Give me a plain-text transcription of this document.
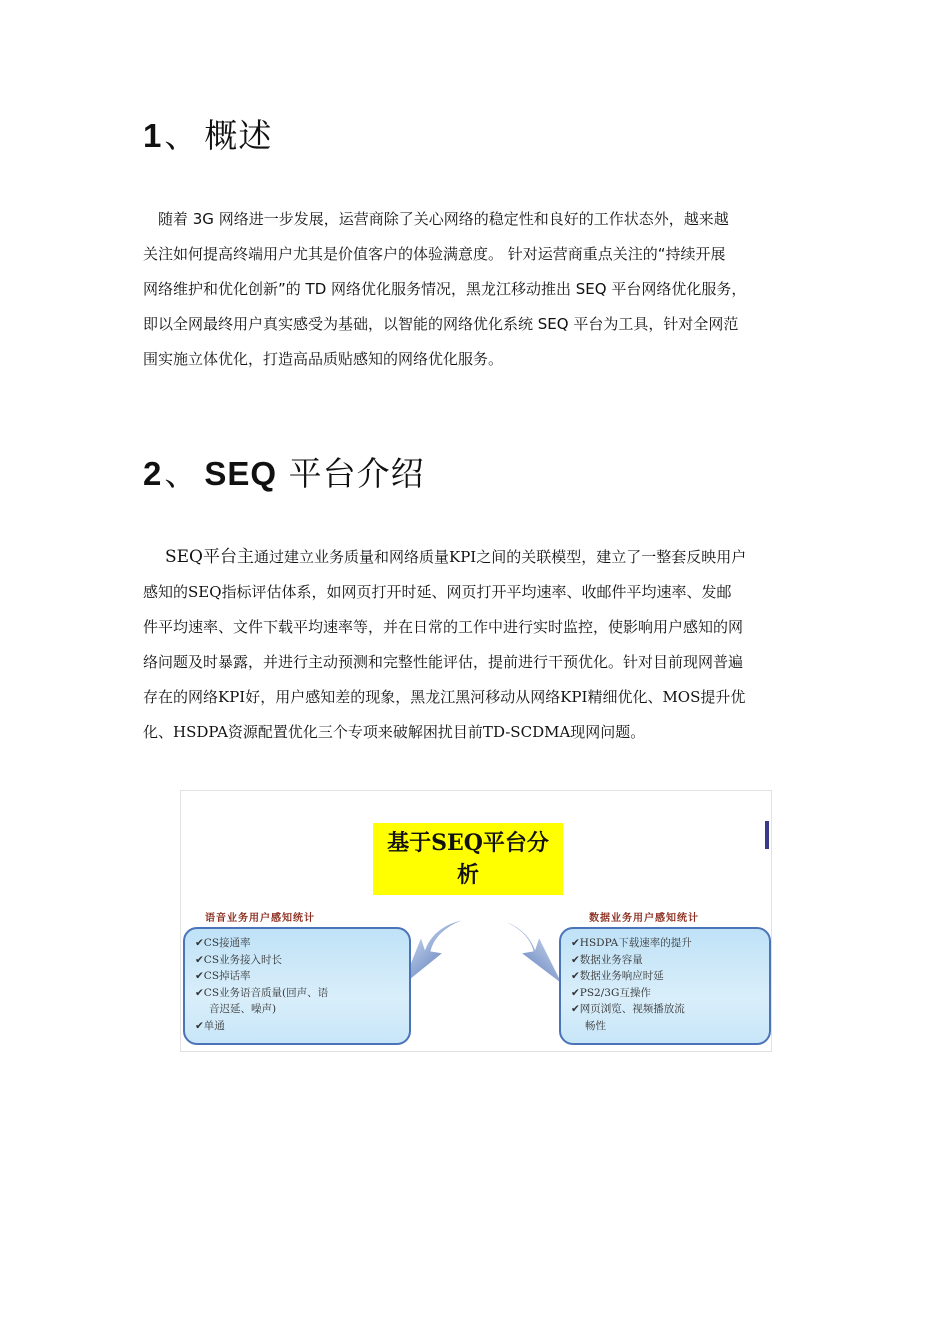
1、 概述
　随着 3G 网络进一步发展，运营商除了关心网络的稳定性和良好的工作状态外，越来越
关注如何提高终端用户尤其是价值客户的体验满意度。 针对运营商重点关注的“持续开展
网络维护和优化创新”的 TD 网络优化服务情况，黑龙江移动推出 SEQ 平台网络优化服务，
即以全网最终用户真实感受为基础，以智能的网络优化系统 SEQ 平台为工具，针对全网范
围实施立体优化，打造高品质贴感知的网络优化服务。
2、 SEQ 平台介绍
SEQ平台主通过建立业务质量和网络质量KPI之间的关联模型，建立了一整套反映用户
感知的SEQ指标评估体系，如网页打开时延、网页打开平均速率、收邮件平均速率、发邮
件平均速率、文件下载平均速率等，并在日常的工作中进行实时监控，使影响用户感知的网
络问题及时暴露，并进行主动预测和完整性能评估，提前进行干预优化。针对目前现网普遍
存在的网络KPI好，用户感知差的现象，黑龙江黑河移动从网络KPI精细优化、MOS提升优
化、HSDPA资源配置优化三个专项来破解困扰目前TD-SCDMA现网问题。
基于SEQ平台分
析
语音业务用户感知统计	数据业务用户感知统计
✔CS接通率
✔CS业务接入时长
✔CS掉话率
✔CS业务语音质量(回声、语
音迟延、噪声)
✔单通
✔HSDPA下载速率的提升
✔数据业务容量
✔数据业务响应时延
✔PS2/3G互操作
✔网页浏览、视频播放流
畅性
